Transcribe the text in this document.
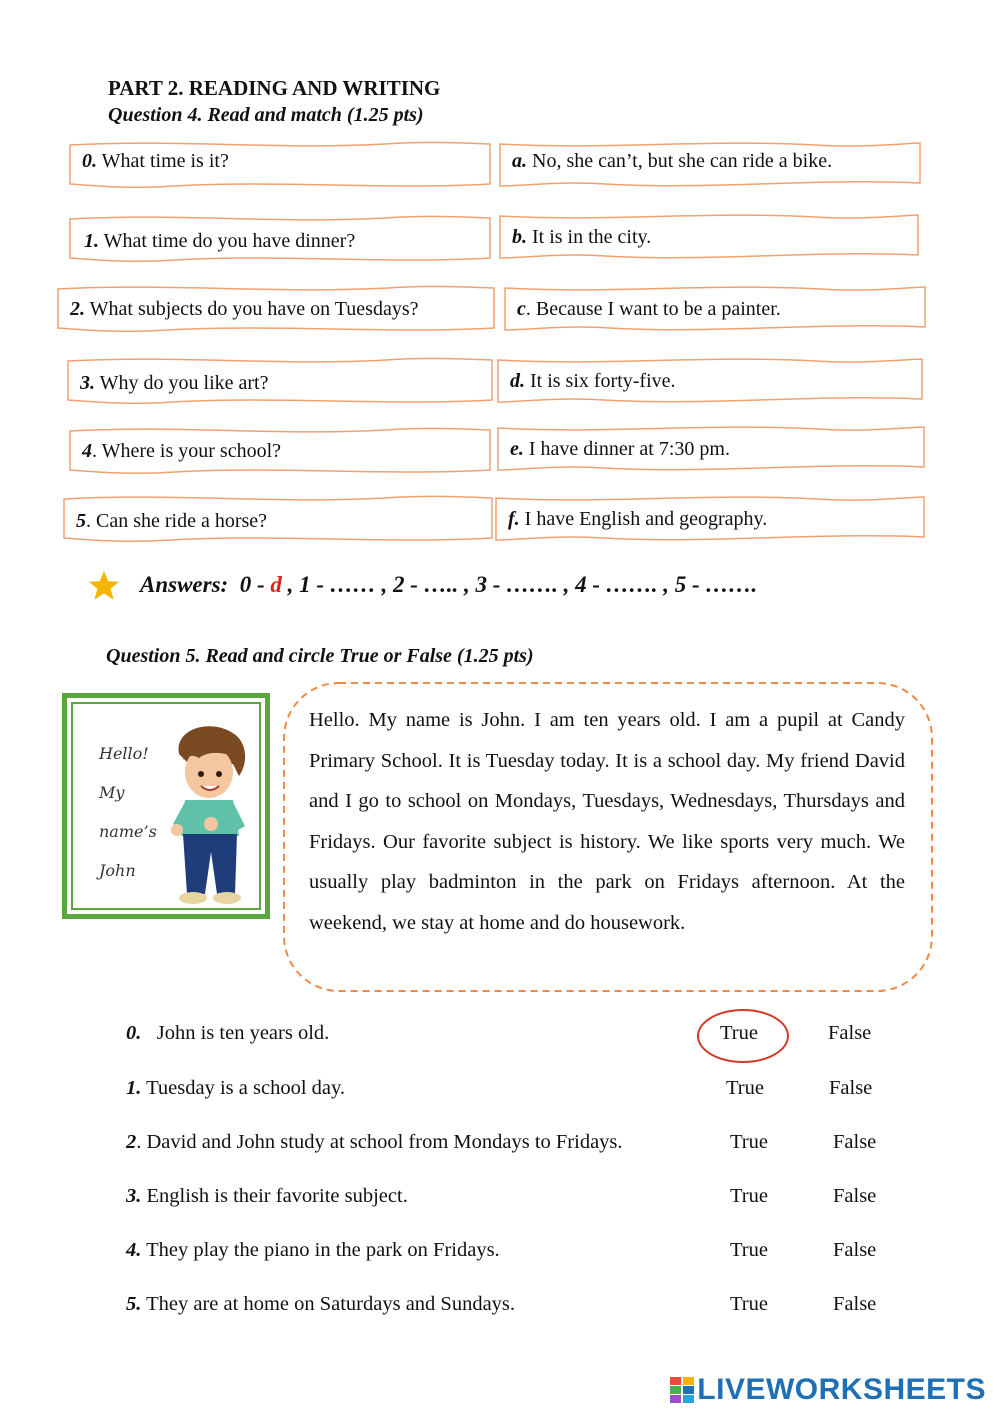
PART 2. READING AND WRITING
Question 4. Read and match (1.25 pts)
0. What time is it?
1. What time do you have dinner?
2. What subjects do you have on Tuesdays?
3. Why do you like art?
4. Where is your school?
5. Can she ride a horse?
a. No, she can’t, but she can ride a bike.
b. It is in the city.
c. Because I want to be a painter.
d. It is six forty-five.
e. I have dinner at 7:30 pm.
f. I have English and geography.
Answers: 0 - d , 1 - …… , 2 - ….. , 3 - ……. , 4 - ……. , 5 - …….
Question 5. Read and circle True or False (1.25 pts)
Hello!
My
name’s
John
Hello. My name is John. I am ten years old. I am a pupil at Candy Primary School. It is Tuesday today. It is a school day. My friend David and I go to school on Mondays, Tuesdays, Wednesdays, Thursdays and Fridays. Our favorite subject is history. We like sports very much. We usually play badminton in the park on Fridays afternoon. At the weekend, we stay at home and do housework.
0.   John is ten years old.	True	False
1. Tuesday is a school day.	True	False
2. David and John study at school from Mondays to Fridays.	True	False
3. English is their favorite subject.	True	False
4. They play the piano in the park on Fridays.	True	False
5. They are at home on Saturdays and Sundays.	True	False
LIVEWORKSHEETS
